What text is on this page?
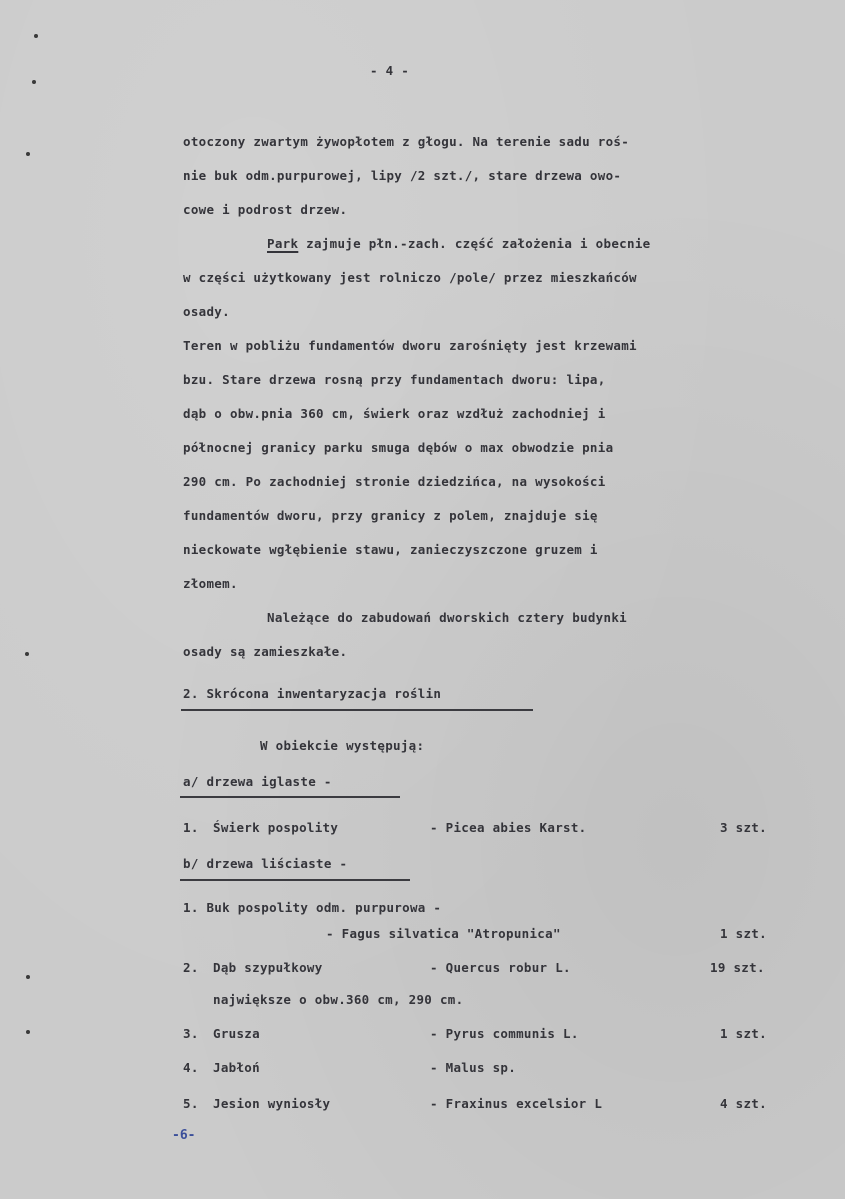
- 4 -
otoczony zwartym żywopłotem z głogu. Na terenie sadu roś-
nie buk odm.purpurowej, lipy /2 szt./, stare drzewa owo-
cowe i podrost drzew.
Park zajmuje płn.-zach. część założenia i obecnie
w części użytkowany jest rolniczo /pole/ przez mieszkańców
osady.
Teren w pobliżu fundamentów dworu zarośnięty jest krzewami
bzu. Stare drzewa rosną przy fundamentach dworu: lipa,
dąb o obw.pnia 360 cm, świerk oraz wzdłuż zachodniej i
północnej granicy parku smuga dębów o max obwodzie pnia
290 cm. Po zachodniej stronie dziedzińca, na wysokości
fundamentów dworu, przy granicy z polem, znajduje się
nieckowate wgłębienie stawu, zanieczyszczone gruzem i
złomem.
Należące do zabudowań dworskich cztery budynki
osady są zamieszkałe.
2. Skrócona inwentaryzacja roślin
W obiekcie występują:
a/ drzewa iglaste -
1. Świerk pospolity	- Picea abies Karst.	3 szt.
b/ drzewa liściaste -
1. Buk pospolity odm. purpurowa -
- Fagus silvatica "Atropunica"	1 szt.
2. Dąb szypułkowy	- Quercus robur L.	19 szt.
największe o obw.360 cm, 290 cm.
3. Grusza	- Pyrus communis L.	1 szt.
4. Jabłoń	- Malus sp.
5. Jesion wyniosły	- Fraxinus excelsior L	4 szt.
-6-
